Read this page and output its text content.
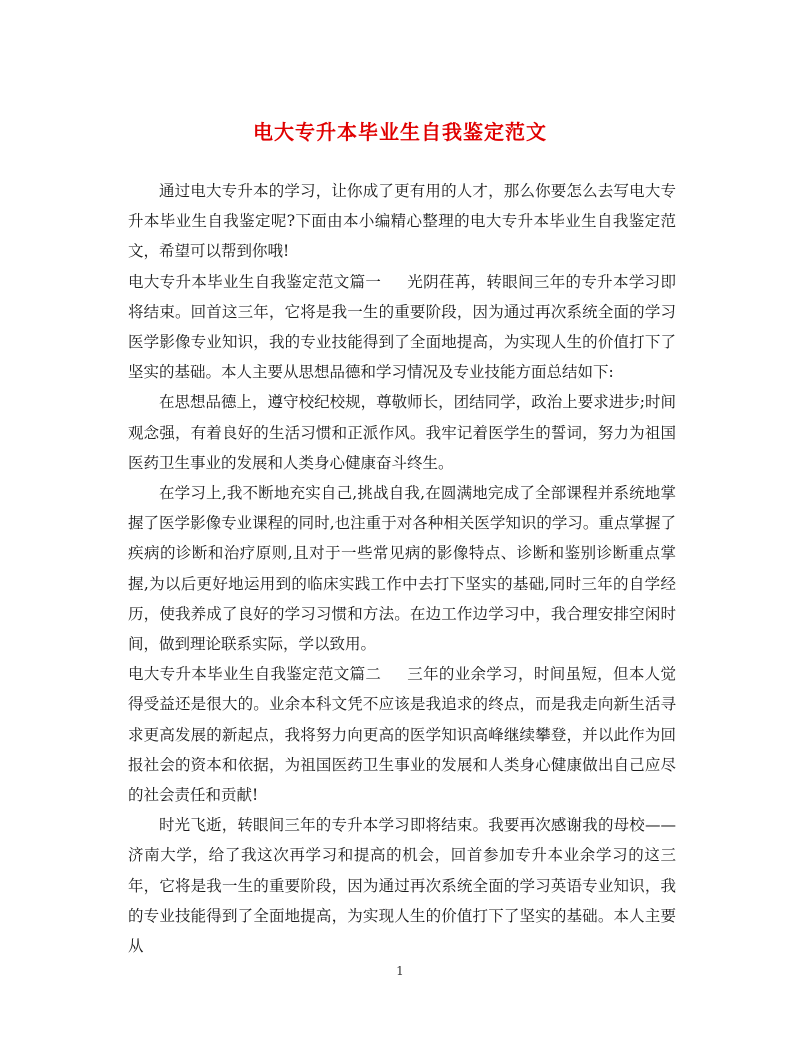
电大专升本毕业生自我鉴定范文

通过电大专升本的学习，让你成了更有用的人才，那么你要怎么去写电大专升本毕业生自我鉴定呢?下面由本小编精心整理的电大专升本毕业生自我鉴定范文，希望可以帮到你哦!

电大专升本毕业生自我鉴定范文篇一 光阴荏苒，转眼间三年的专升本学习即将结束。回首这三年，它将是我一生的重要阶段，因为通过再次系统全面的学习医学影像专业知识，我的专业技能得到了全面地提高，为实现人生的价值打下了坚实的基础。本人主要从思想品德和学习情况及专业技能方面总结如下:

在思想品德上，遵守校纪校规，尊敬师长，团结同学，政治上要求进步;时间观念强，有着良好的生活习惯和正派作风。我牢记着医学生的誓词，努力为祖国医药卫生事业的发展和人类身心健康奋斗终生。

在学习上,我不断地充实自己,挑战自我,在圆满地完成了全部课程并系统地掌握了医学影像专业课程的同时,也注重于对各种相关医学知识的学习。重点掌握了疾病的诊断和治疗原则,且对于一些常见病的影像特点、诊断和鉴别诊断重点掌握,为以后更好地运用到的临床实践工作中去打下坚实的基础,同时三年的自学经历，使我养成了良好的学习习惯和方法。在边工作边学习中，我合理安排空闲时间，做到理论联系实际，学以致用。

电大专升本毕业生自我鉴定范文篇二 三年的业余学习，时间虽短，但本人觉得受益还是很大的。业余本科文凭不应该是我追求的终点，而是我走向新生活寻求更高发展的新起点，我将努力向更高的医学知识高峰继续攀登，并以此作为回报社会的资本和依据，为祖国医药卫生事业的发展和人类身心健康做出自己应尽的社会责任和贡献!

时光飞逝，转眼间三年的专升本学习即将结束。我要再次感谢我的母校——济南大学，给了我这次再学习和提高的机会，回首参加专升本业余学习的这三年，它将是我一生的重要阶段，因为通过再次系统全面的学习英语专业知识，我的专业技能得到了全面地提高，为实现人生的价值打下了坚实的基础。本人主要从

1
